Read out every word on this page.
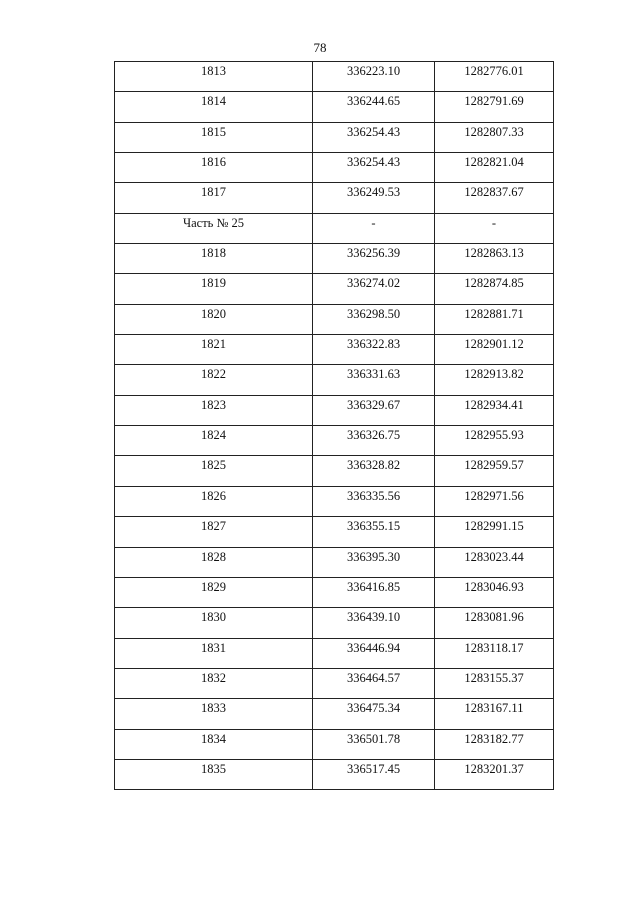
78
1813	336223.10	1282776.01

1814	336244.65	1282791.69

1815	336254.43	1282807.33

1816	336254.43	1282821.04

1817	336249.53	1282837.67

Часть № 25	-	-

1818	336256.39	1282863.13

1819	336274.02	1282874.85

1820	336298.50	1282881.71

1821	336322.83	1282901.12

1822	336331.63	1282913.82

1823	336329.67	1282934.41

1824	336326.75	1282955.93

1825	336328.82	1282959.57

1826	336335.56	1282971.56

1827	336355.15	1282991.15

1828	336395.30	1283023.44

1829	336416.85	1283046.93

1830	336439.10	1283081.96

1831	336446.94	1283118.17

1832	336464.57	1283155.37

1833	336475.34	1283167.11

1834	336501.78	1283182.77

1835	336517.45	1283201.37
